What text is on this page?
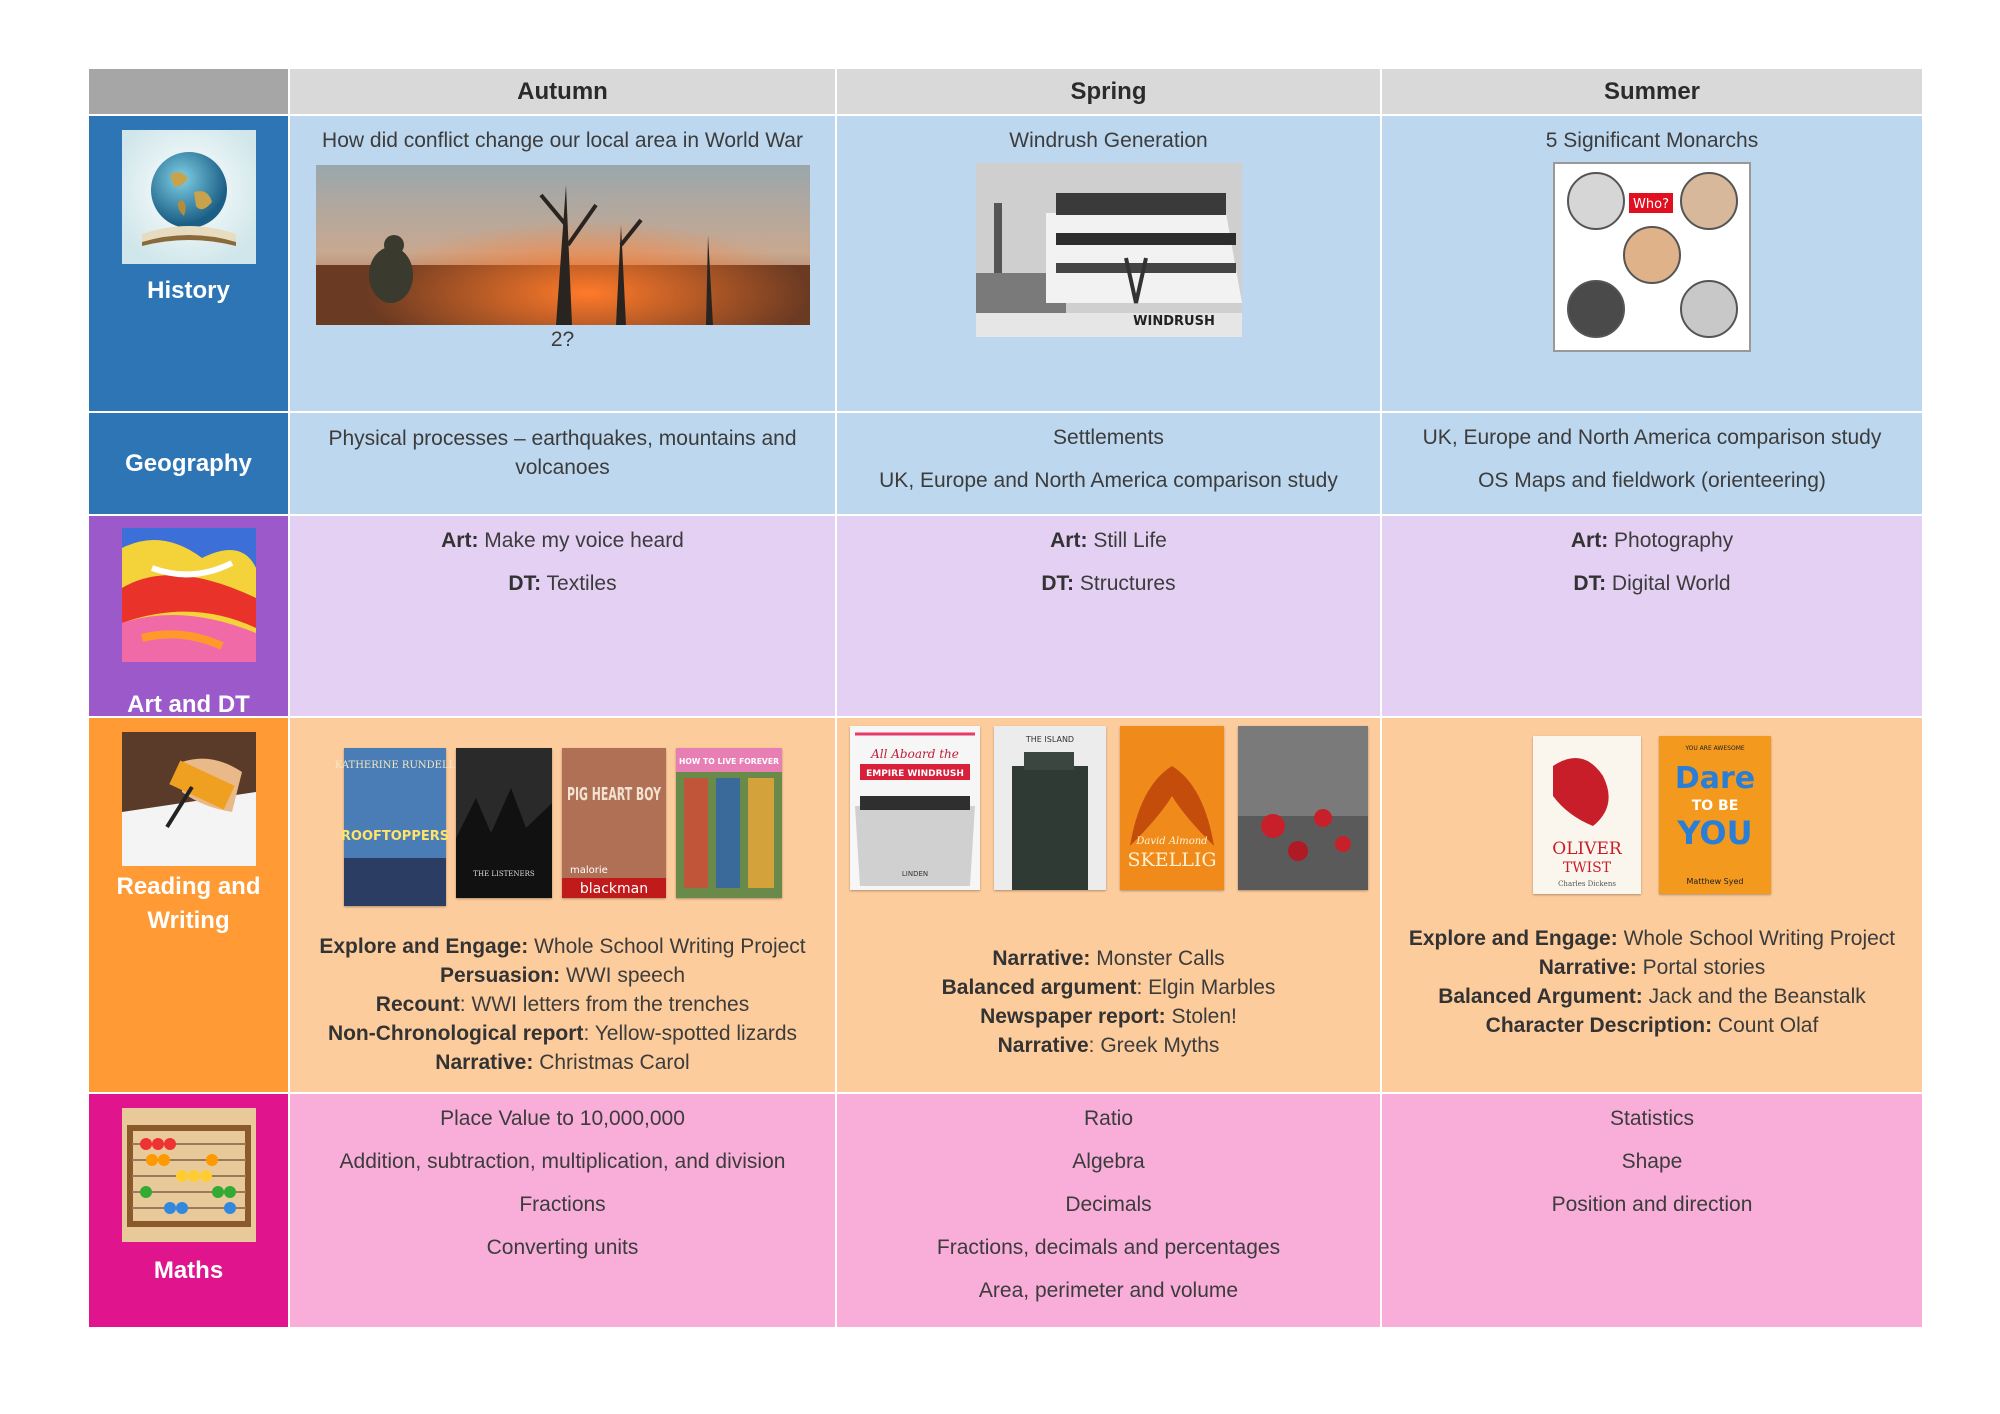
Autumn	Spring	Summer
History
How did conflict change our local area in World War
2?
Windrush Generation
WINDRUSH
5 Significant Monarchs
Who?
Geography
Physical processes – earthquakes, mountains and volcanoes

Settlements

UK, Europe and North America comparison study

UK, Europe and North America comparison study

OS Maps and fieldwork (orienteering)

Art and DT

Art: Make my voice heard

DT: Textiles

Art: Still Life

DT: Structures

Art: Photography

DT: Digital World

Reading and
Writing
KATHERINE RUNDELL
ROOFTOPPERS
THE LISTENERS
PIG HEART BOY
malorie
blackman
HOW TO LIVE FOREVER

Explore and Engage: Whole School Writing Project

Persuasion: WWI speech

Recount: WWI letters from the trenches

Non-Chronological report: Yellow-spotted lizards

Narrative: Christmas Carol

All Aboard the
EMPIRE WINDRUSH
LINDEN
THE ISLAND
David Almond
SKELLIG

Narrative: Monster Calls

Balanced argument: Elgin Marbles

Newspaper report: Stolen!

Narrative: Greek Myths

OLIVER
TWIST
Charles Dickens
YOU ARE AWESOME
Dare
TO BE
YOU
Matthew Syed

Explore and Engage: Whole School Writing Project

Narrative: Portal stories

Balanced Argument: Jack and the Beanstalk

Character Description: Count Olaf

Maths

Place Value to 10,000,000

Addition, subtraction, multiplication, and division

Fractions

Converting units

Ratio

Algebra

Decimals

Fractions, decimals and percentages

Area, perimeter and volume

Statistics

Shape

Position and direction
